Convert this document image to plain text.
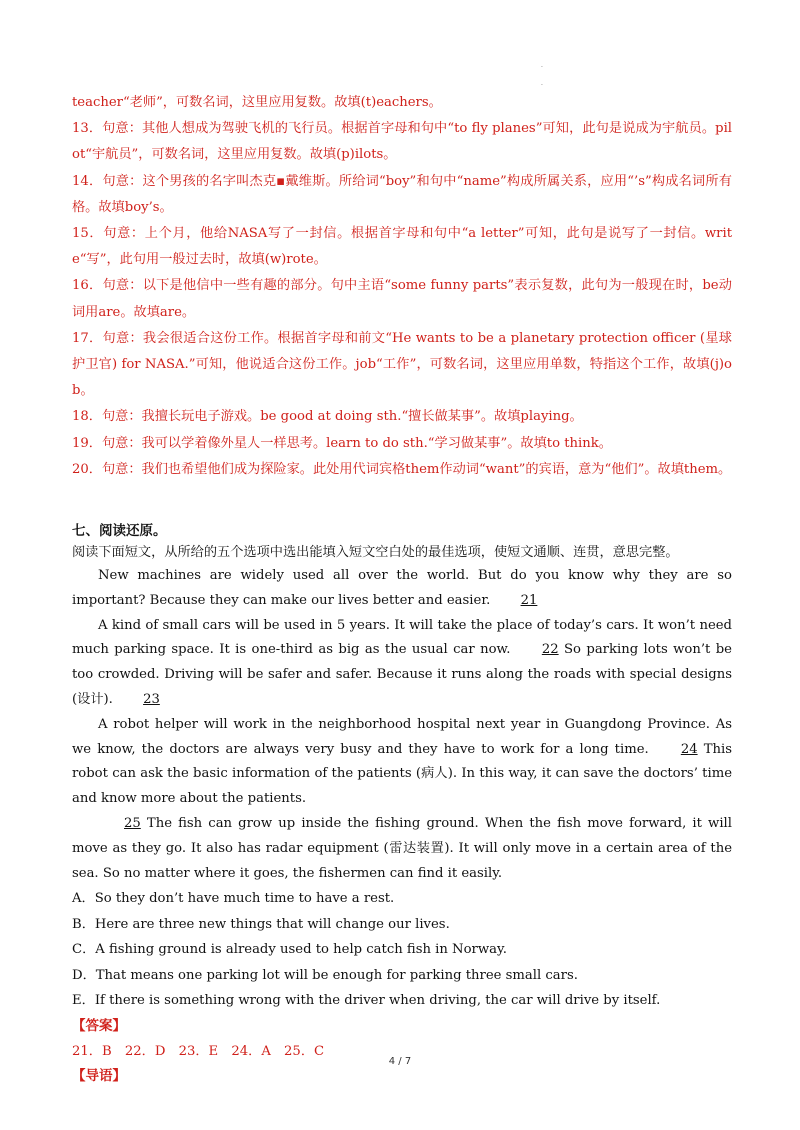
.
.

teacher“老师”，可数名词，这里应用复数。故填(t)eachers。

13．句意：其他人想成为驾驶飞机的飞行员。根据首字母和句中“to fly planes”可知，此句是说成为宇航员。pilot“宇航员”，可数名词，这里应用复数。故填(p)ilots。

14．句意：这个男孩的名字叫杰克▪戴维斯。所给词“boy”和句中“name”构成所属关系，应用“’s”构成名词所有格。故填boy’s。

15．句意：上个月，他给NASA写了一封信。根据首字母和句中“a letter”可知，此句是说写了一封信。write“写”，此句用一般过去时，故填(w)rote。

16．句意：以下是他信中一些有趣的部分。句中主语“some funny parts”表示复数，此句为一般现在时，be动词用are。故填are。

17．句意：我会很适合这份工作。根据首字母和前文“He wants to be a planetary protection officer (星球护卫官) for NASA.”可知，他说适合这份工作。job“工作”，可数名词，这里应用单数，特指这个工作，故填(j)ob。

18．句意：我擅长玩电子游戏。be good at doing sth.“擅长做某事”。故填playing。

19．句意：我可以学着像外星人一样思考。learn to do sth.“学习做某事”。故填to think。

20．句意：我们也希望他们成为探险家。此处用代词宾格them作动词“want”的宾语，意为“他们”。故填them。

七、阅读还原。

阅读下面短文，从所给的五个选项中选出能填入短文空白处的最佳选项，使短文通顺、连贯，意思完整。

New machines are widely used all over the world. But do you know why they are so important? Because they can make our lives better and easier. 21

A kind of small cars will be used in 5 years. It will take the place of today’s cars. It won’t need much parking space. It is one-third as big as the usual car now. 22 So parking lots won’t be too crowded. Driving will be safer and safer. Because it runs along the roads with special designs (设计). 23

A robot helper will work in the neighborhood hospital next year in Guangdong Province. As we know, the doctors are always very busy and they have to work for a long time. 24 This robot can ask the basic information of the patients (病人). In this way, it can save the doctors’ time and know more about the patients.

25 The fish can grow up inside the fishing ground. When the fish move forward, it will move as they go. It also has radar equipment (雷达装置). It will only move in a certain area of the sea. So no matter where it goes, the fishermen can find it easily.

A．So they don’t have much time to have a rest.

B．Here are three new things that will change our lives.

C．A fishing ground is already used to help catch fish in Norway.

D．That means one parking lot will be enough for parking three small cars.

E．If there is something wrong with the driver when driving, the car will drive by itself.

【答案】

21．B　22．D　23．E　24．A　25．C

【导语】

4 / 7
